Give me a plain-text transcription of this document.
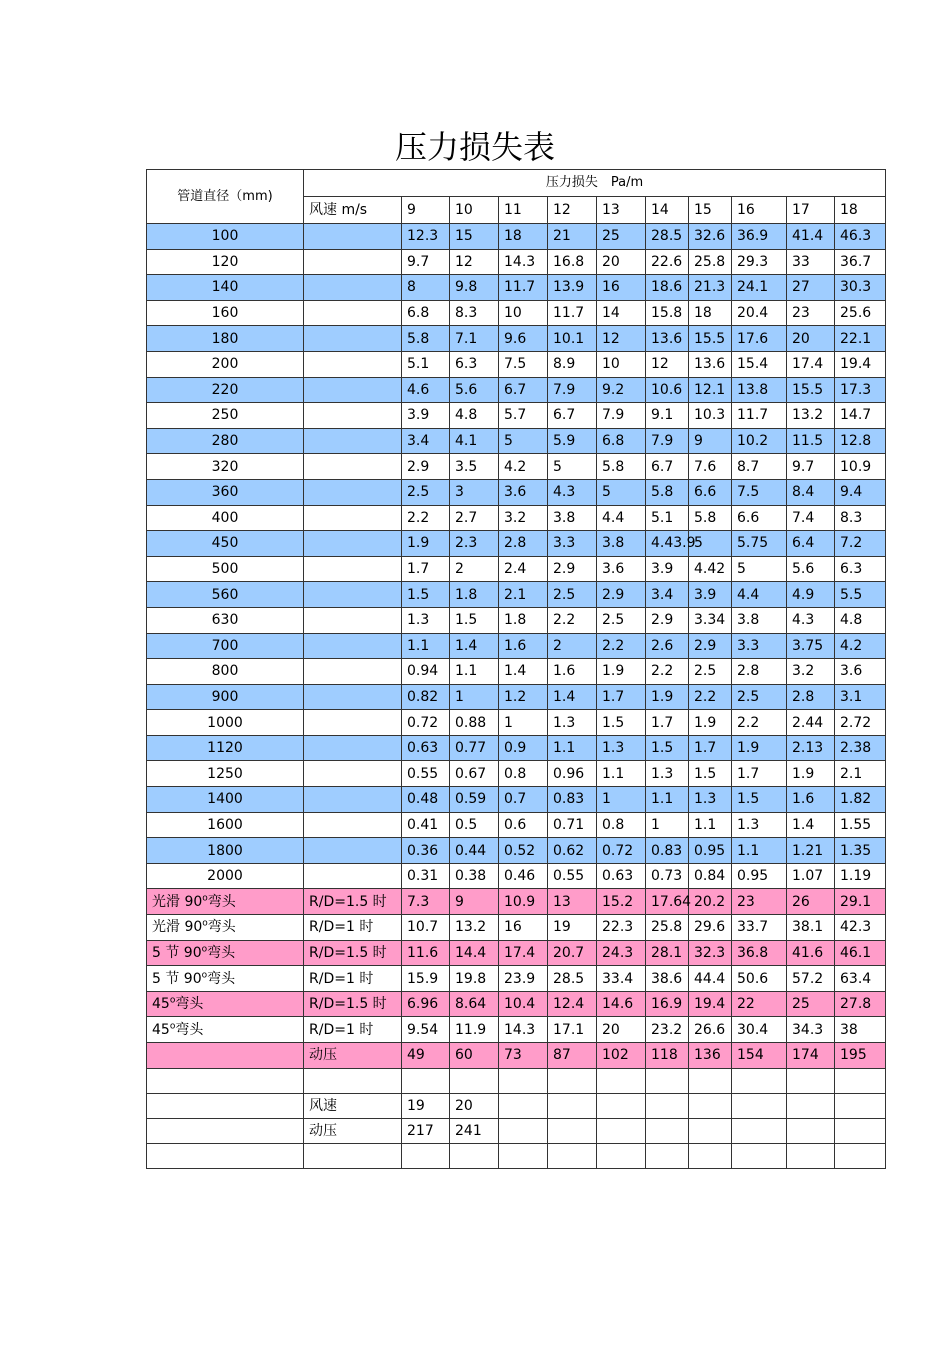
压力损失表
管道直径（mm)	压力损失　Pa/m										
	风速 m/s	9	10	11	12	13	14	15	16	17	18
100		12.3	15	18	21	25	28.5	32.6	36.9	41.4	46.3
120		9.7	12	14.3	16.8	20	22.6	25.8	29.3	33	36.7
140		8	9.8	11.7	13.9	16	18.6	21.3	24.1	27	30.3
160		6.8	8.3	10	11.7	14	15.8	18	20.4	23	25.6
180		5.8	7.1	9.6	10.1	12	13.6	15.5	17.6	20	22.1
200		5.1	6.3	7.5	8.9	10	12	13.6	15.4	17.4	19.4
220		4.6	5.6	6.7	7.9	9.2	10.6	12.1	13.8	15.5	17.3
250		3.9	4.8	5.7	6.7	7.9	9.1	10.3	11.7	13.2	14.7
280		3.4	4.1	5	5.9	6.8	7.9	9	10.2	11.5	12.8
320		2.9	3.5	4.2	5	5.8	6.7	7.6	8.7	9.7	10.9
360		2.5	3	3.6	4.3	5	5.8	6.6	7.5	8.4	9.4
400		2.2	2.7	3.2	3.8	4.4	5.1	5.8	6.6	7.4	8.3
450		1.9	2.3	2.8	3.3	3.8	4.43.9	5	5.75	6.4	7.2
500		1.7	2	2.4	2.9	3.6	3.9	4.42	5	5.6	6.3
560		1.5	1.8	2.1	2.5	2.9	3.4	3.9	4.4	4.9	5.5
630		1.3	1.5	1.8	2.2	2.5	2.9	3.34	3.8	4.3	4.8
700		1.1	1.4	1.6	2	2.2	2.6	2.9	3.3	3.75	4.2
800		0.94	1.1	1.4	1.6	1.9	2.2	2.5	2.8	3.2	3.6
900		0.82	1	1.2	1.4	1.7	1.9	2.2	2.5	2.8	3.1
1000		0.72	0.88	1	1.3	1.5	1.7	1.9	2.2	2.44	2.72
1120		0.63	0.77	0.9	1.1	1.3	1.5	1.7	1.9	2.13	2.38
1250		0.55	0.67	0.8	0.96	1.1	1.3	1.5	1.7	1.9	2.1
1400		0.48	0.59	0.7	0.83	1	1.1	1.3	1.5	1.6	1.82
1600		0.41	0.5	0.6	0.71	0.8	1	1.1	1.3	1.4	1.55
1800		0.36	0.44	0.52	0.62	0.72	0.83	0.95	1.1	1.21	1.35
2000		0.31	0.38	0.46	0.55	0.63	0.73	0.84	0.95	1.07	1.19
光滑 90$^o$弯头	R/D=1.5 时	7.3	9	10.9	13	15.2	17.64	20.2	23	26	29.1
光滑 90$^o$弯头	R/D=1 时	10.7	13.2	16	19	22.3	25.8	29.6	33.7	38.1	42.3
5 节 90$^o$弯头	R/D=1.5 时	11.6	14.4	17.4	20.7	24.3	28.1	32.3	36.8	41.6	46.1
5 节 90$^o$弯头	R/D=1 时	15.9	19.8	23.9	28.5	33.4	38.6	44.4	50.6	57.2	63.4
45$^o$弯头	R/D=1.5 时	6.96	8.64	10.4	12.4	14.6	16.9	19.4	22	25	27.8
45$^o$弯头	R/D=1 时	9.54	11.9	14.3	17.1	20	23.2	26.6	30.4	34.3	38
	动压	49	60	73	87	102	118	136	154	174	195

	风速	19	20								
	动压	217	241								
